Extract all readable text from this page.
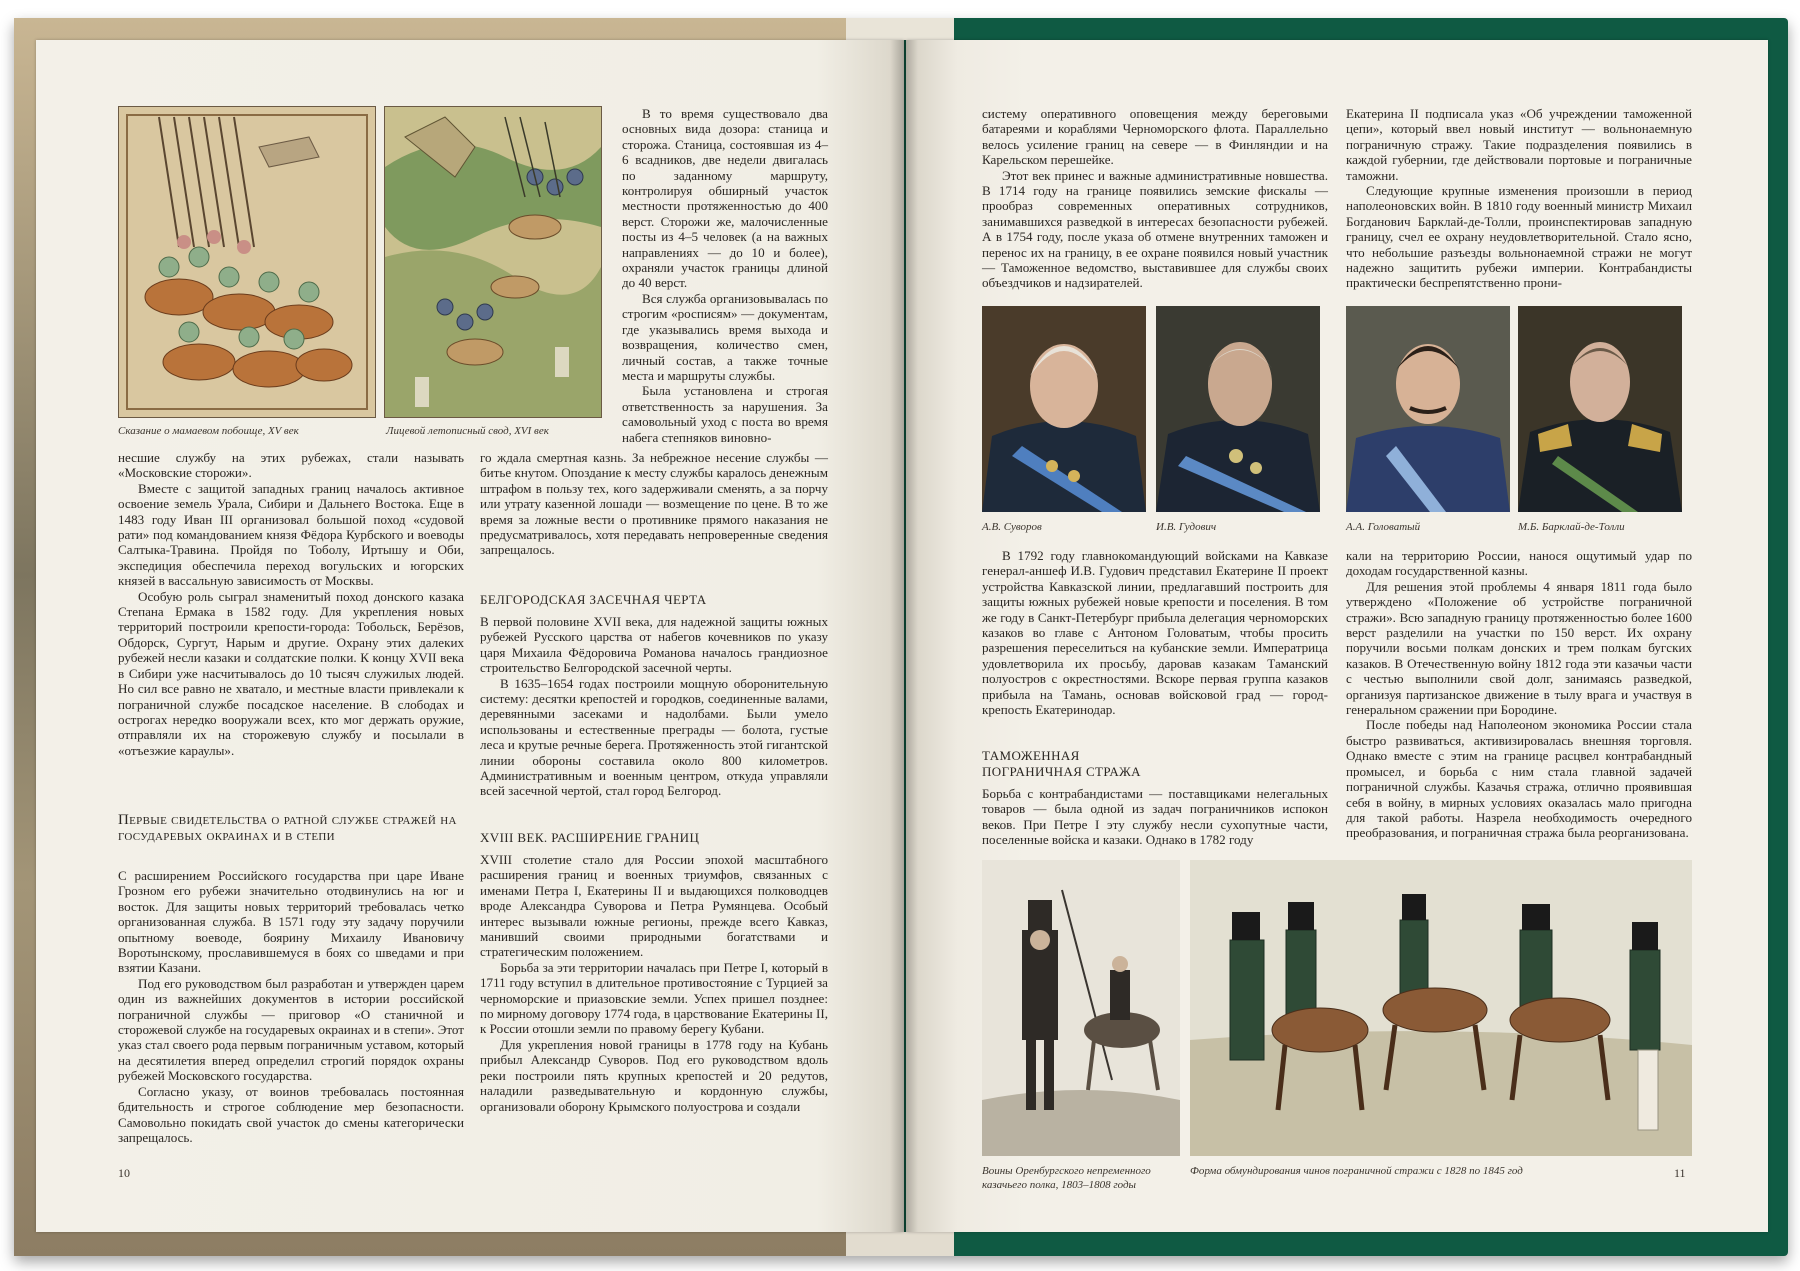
Сказание о мамаевом побоище, XV век	Лицевой летописный свод, XVI век

В то время существовало два основных вида дозора: станица и сторожа. Станица, состоявшая из 4–6 всадников, две недели двигалась по заданному маршруту, контролируя обширный участок местности протяженностью до 400 верст. Сторожи же, малочисленные посты из 4–5 человек (а на важных направлениях — до 10 и более), охраняли участок границы длиной до 40 верст.

Вся служба организовывалась по строгим «росписям» — документам, где указывались время выхода и возвращения, количество смен, личный состав, а также точные места и маршруты службы.

Была установлена и строгая ответственность за нарушения. За самовольный уход с поста во время набега степняков виновно-

несшие службу на этих рубежах, стали называть «Московские сторожи».

Вместе с защитой западных границ началось активное освоение земель Урала, Сибири и Дальнего Востока. Еще в 1483 году Иван III организовал большой поход «судовой рати» под командованием князя Фёдора Курбского и воеводы Салтыка-Травина. Пройдя по Тоболу, Иртышу и Оби, экспедиция обеспечила переход вогульских и югорских князей в вассальную зависимость от Москвы.

Особую роль сыграл знаменитый поход донского казака Степана Ермака в 1582 году. Для укрепления новых территорий построили крепости-города: Тобольск, Берёзов, Обдорск, Сургут, Нарым и другие. Охрану этих далеких рубежей несли казаки и солдатские полки. К концу XVII века в Сибири уже насчитывалось до 10 тысяч служилых людей. Но сил все равно не хватало, и местные власти привлекали к пограничной службе посадское население. В слободах и острогах нередко вооружали всех, кто мог держать оружие, отправляли их на сторожевую службу и посылали в «отъезжие караулы».

Первые свидетельства о ратной службе стражей на государевых окраинах и в степи

С расширением Российского государства при царе Иване Грозном его рубежи значительно отодвинулись на юг и восток. Для защиты новых территорий требовалась четко организованная служба. В 1571 году эту задачу поручили опытному воеводе, боярину Михаилу Ивановичу Воротынскому, прославившемуся в боях со шведами и при взятии Казани.

Под его руководством был разработан и утвержден царем один из важнейших документов в истории российской пограничной службы — приговор «О станичной и сторожевой службе на государевых окраинах и в степи». Этот указ стал своего рода первым пограничным уставом, который на десятилетия вперед определил строгий порядок охраны рубежей Московского государства.

Согласно указу, от воинов требовалась постоянная бдительность и строгое соблюдение мер безопасности. Самовольно покидать свой участок до смены категорически запрещалось.

го ждала смертная казнь. За небрежное несение службы — битье кнутом. Опоздание к месту службы каралось денежным штрафом в пользу тех, кого задерживали сменять, а за порчу или утрату казенной лошади — возмещение по цене. В то же время за ложные вести о противнике прямого наказания не предусматривалось, хотя передавать непроверенные сведения запрещалось.

БЕЛГОРОДСКАЯ ЗАСЕЧНАЯ ЧЕРТА

В первой половине XVII века, для надежной защиты южных рубежей Русского царства от набегов кочевников по указу царя Михаила Фёдоровича Романова началось грандиозное строительство Белгородской засечной черты.

В 1635–1654 годах построили мощную оборонительную систему: десятки крепостей и городков, соединенные валами, деревянными засеками и надолбами. Были умело использованы и естественные преграды — болота, густые леса и крутые речные берега. Протяженность этой гигантской линии обороны составила около 800 километров. Административным и военным центром, откуда управляли всей засечной чертой, стал город Белгород.

XVIII ВЕК. РАСШИРЕНИЕ ГРАНИЦ

XVIII столетие стало для России эпохой масштабного расширения границ и военных триумфов, связанных с именами Петра I, Екатерины II и выдающихся полководцев вроде Александра Суворова и Петра Румянцева. Особый интерес вызывали южные регионы, прежде всего Кавказ, манивший своими природными богатствами и стратегическим положением.

Борьба за эти территории началась при Петре I, который в 1711 году вступил в длительное противостояние с Турцией за черноморские и приазовские земли. Успех пришел позднее: по мирному договору 1774 года, в царствование Екатерины II, к России отошли земли по правому берегу Кубани.

Для укрепления новой границы в 1778 году на Кубань прибыл Александр Суворов. Под его руководством вдоль реки построили пять крупных крепостей и 20 редутов, наладили разведывательную и кордонную службы, организовали оборону Крымского полуострова и создали

10

систему оперативного оповещения между береговыми батареями и кораблями Черноморского флота. Параллельно велось усиление границ на севере — в Финляндии и на Карельском перешейке.

Этот век принес и важные административные новшества. В 1714 году на границе появились земские фискалы — прообраз современных оперативных сотрудников, занимавшихся разведкой в интересах безопасности рубежей. А в 1754 году, после указа об отмене внутренних таможен и перенос их на границу, в ее охране появился новый участник — Таможенное ведомство, выставившее для службы своих объездчиков и надзирателей.

Екатерина II подписала указ «Об учреждении таможенной цепи», который ввел новый институт — вольнонаемную пограничную стражу. Такие подразделения появились в каждой губернии, где действовали портовые и пограничные таможни.

Следующие крупные изменения произошли в период наполеоновских войн. В 1810 году военный министр Михаил Богданович Барклай-де-Толли, проинспектировав западную границу, счел ее охрану неудовлетворительной. Стало ясно, что небольшие разъезды вольнонаемной стражи не могут надежно защитить рубежи империи. Контрабандисты практически беспрепятственно прони-

А.В. Суворов	И.В. Гудович	А.А. Головатый	М.Б. Барклай-де-Толли

В 1792 году главнокомандующий войсками на Кавказе генерал-аншеф И.В. Гудович представил Екатерине II проект устройства Кавказской линии, предлагавший построить для защиты южных рубежей новые крепости и поселения. В том же году в Санкт-Петербург прибыла делегация черноморских казаков во главе с Антоном Головатым, чтобы просить разрешения переселиться на кубанские земли. Императрица удовлетворила их просьбу, даровав казакам Таманский полуостров с окрестностями. Вскоре первая группа казаков прибыла на Тамань, основав войсковой град — город-крепость Екатеринодар.

ТАМОЖЕННАЯ
ПОГРАНИЧНАЯ СТРАЖА

Борьба с контрабандистами — поставщиками нелегальных товаров — была одной из задач пограничников испокон веков. При Петре I эту службу несли сухопутные части, поселенные войска и казаки. Однако в 1782 году

кали на территорию России, нанося ощутимый удар по доходам государственной казны.

Для решения этой проблемы 4 января 1811 года было утверждено «Положение об устройстве пограничной стражи». Всю западную границу протяженностью более 1600 верст разделили на участки по 150 верст. Их охрану поручили восьми полкам донских и трем полкам бугских казаков. В Отечественную войну 1812 года эти казачьи части с честью выполнили свой долг, занимаясь разведкой, организуя партизанское движение в тылу врага и участвуя в генеральном сражении при Бородине.

После победы над Наполеоном экономика России стала быстро развиваться, активизировалась внешняя торговля. Однако вместе с этим на границе расцвел контрабандный промысел, и борьба с ним стала главной задачей пограничной службы. Казачья стража, отлично проявившая себя в войну, в мирных условиях оказалась мало пригодна для такой работы. Назрела необходимость очередного преобразования, и пограничная стража была реорганизована.

Воины Оренбургского непременного казачьего полка, 1803–1808 годы
Форма обмундирования чинов пограничной стражи с 1828 по 1845 год	11
